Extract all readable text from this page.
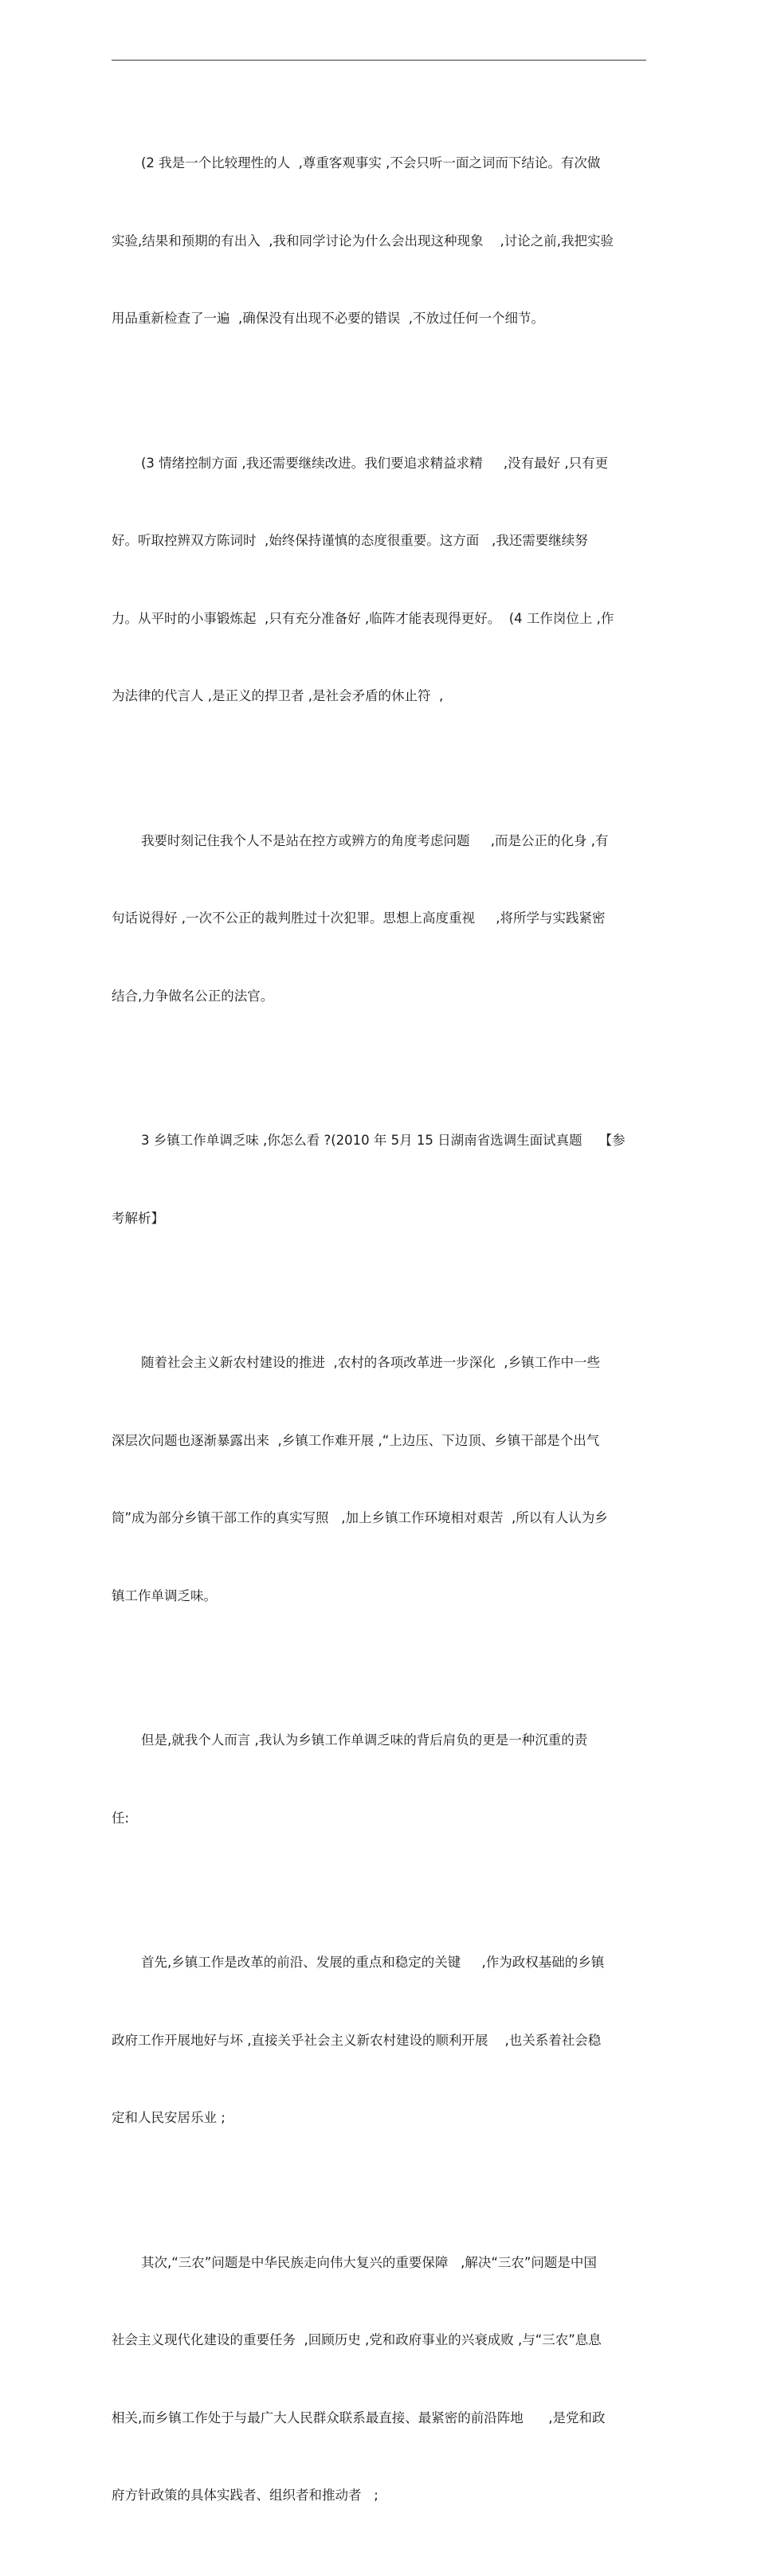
(2 我是一个比较理性的人  ,尊重客观事实 ,不会只听一面之词而下结论。有次做

实验,结果和预期的有出入  ,我和同学讨论为什么会出现这种现象    ,讨论之前,我把实验

用品重新检查了一遍  ,确保没有出现不必要的错误  ,不放过任何一个细节。

(3 情绪控制方面 ,我还需要继续改进。我们要追求精益求精     ,没有最好 ,只有更

好。听取控辨双方陈词时  ,始终保持谨慎的态度很重要。这方面   ,我还需要继续努

力。从平时的小事锻炼起  ,只有充分准备好 ,临阵才能表现得更好。  (4 工作岗位上 ,作

为法律的代言人 ,是正义的捍卫者 ,是社会矛盾的休止符  ,

我要时刻记住我个人不是站在控方或辨方的角度考虑问题     ,而是公正的化身 ,有

句话说得好 ,一次不公正的裁判胜过十次犯罪。思想上高度重视     ,将所学与实践紧密

结合,力争做名公正的法官。

3 乡镇工作单调乏味 ,你怎么看 ?(2010 年 5月 15 日湖南省选调生面试真题    【参

考解析】

随着社会主义新农村建设的推进  ,农村的各项改革进一步深化  ,乡镇工作中一些

深层次问题也逐渐暴露出来  ,乡镇工作难开展 ,“上边压、下边顶、乡镇干部是个出气

筒”成为部分乡镇干部工作的真实写照   ,加上乡镇工作环境相对艰苦  ,所以有人认为乡

镇工作单调乏味。

但是,就我个人而言 ,我认为乡镇工作单调乏味的背后肩负的更是一种沉重的责

任:

首先,乡镇工作是改革的前沿、发展的重点和稳定的关键     ,作为政权基础的乡镇

政府工作开展地好与坏 ,直接关乎社会主义新农村建设的顺利开展    ,也关系着社会稳

定和人民安居乐业 ;

其次,“三农”问题是中华民族走向伟大复兴的重要保障   ,解决“三农”问题是中国

社会主义现代化建设的重要任务  ,回顾历史 ,党和政府事业的兴衰成败 ,与“三农”息息

相关,而乡镇工作处于与最广大人民群众联系最直接、最紧密的前沿阵地      ,是党和政

府方针政策的具体实践者、组织者和推动者   ;
